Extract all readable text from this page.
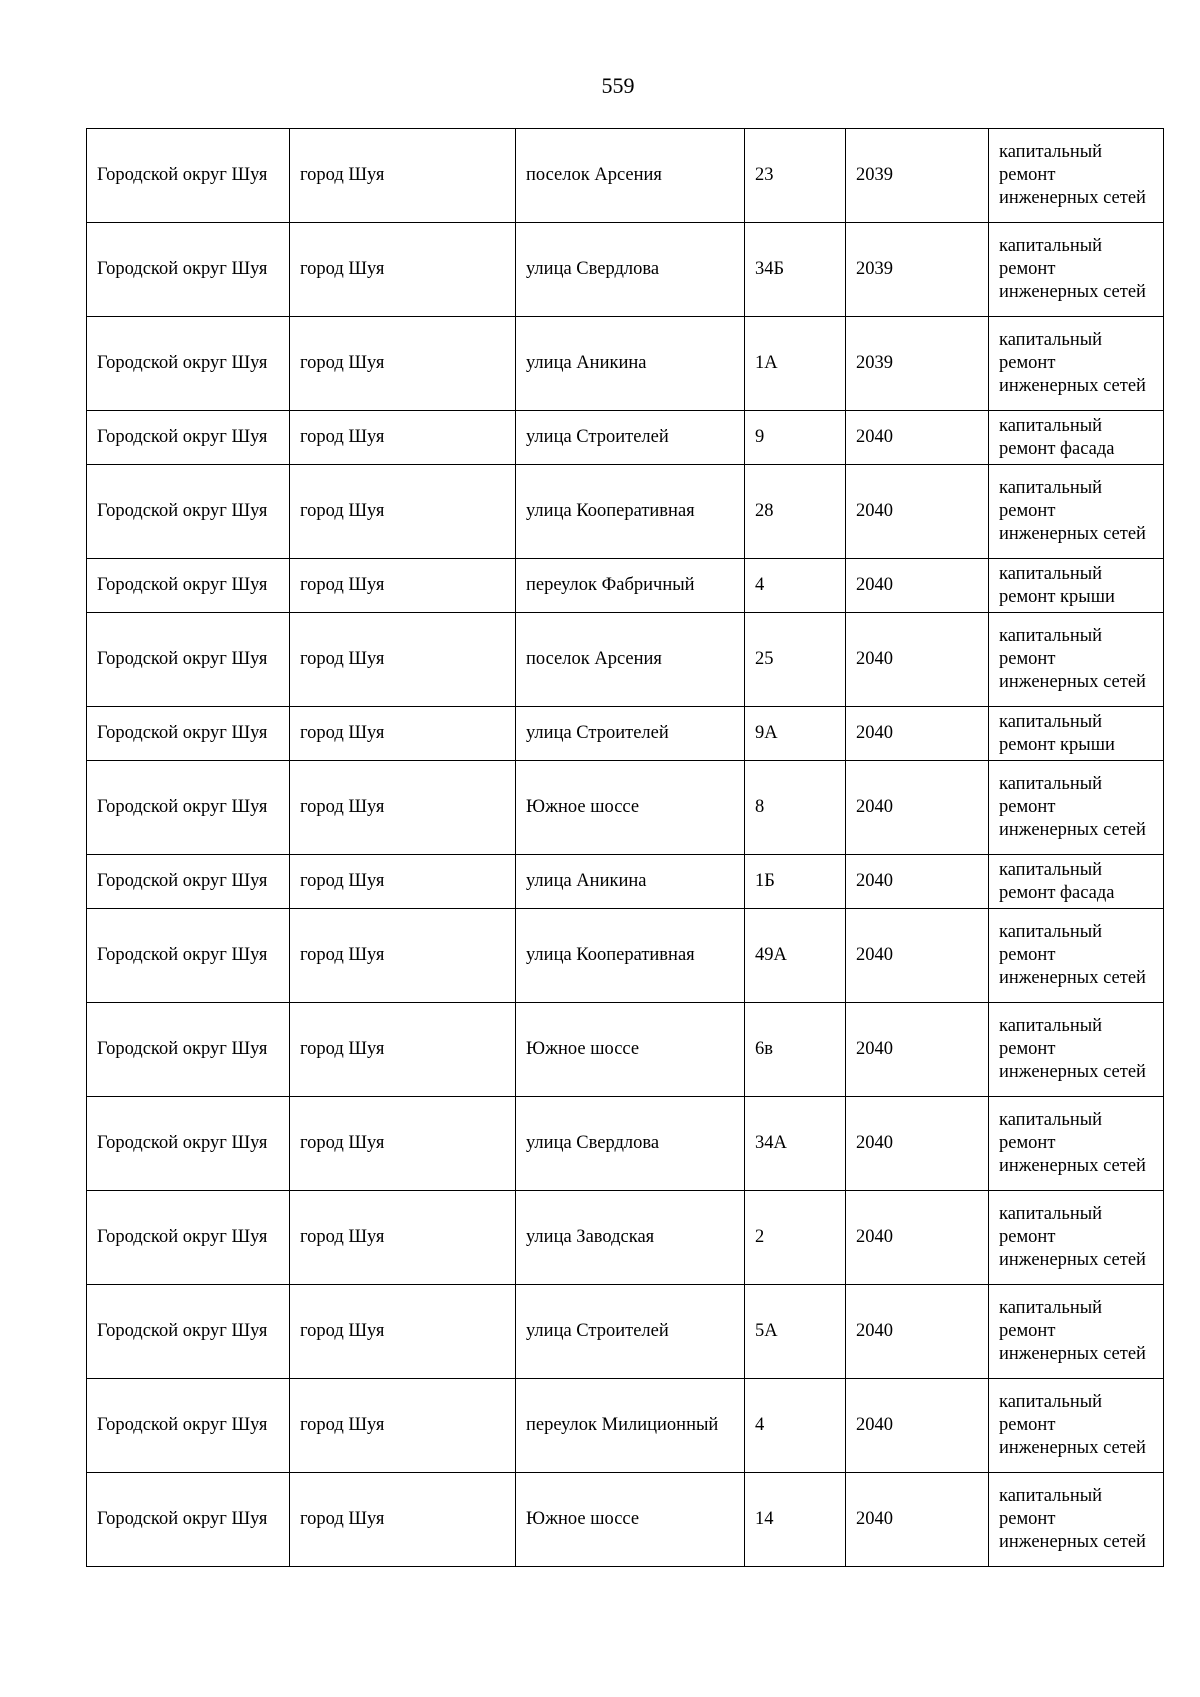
559
Городской округ Шуя	город Шуя	поселок Арсения	23	2039	капитальный ремонт инженерных сетей
Городской округ Шуя	город Шуя	улица Свердлова	34Б	2039	капитальный ремонт инженерных сетей
Городской округ Шуя	город Шуя	улица Аникина	1А	2039	капитальный ремонт инженерных сетей
Городской округ Шуя	город Шуя	улица Строителей	9	2040	капитальный ремонт фасада
Городской округ Шуя	город Шуя	улица Кооперативная	28	2040	капитальный ремонт инженерных сетей
Городской округ Шуя	город Шуя	переулок Фабричный	4	2040	капитальный ремонт крыши
Городской округ Шуя	город Шуя	поселок Арсения	25	2040	капитальный ремонт инженерных сетей
Городской округ Шуя	город Шуя	улица Строителей	9А	2040	капитальный ремонт крыши
Городской округ Шуя	город Шуя	Южное шоссе	8	2040	капитальный ремонт инженерных сетей
Городской округ Шуя	город Шуя	улица Аникина	1Б	2040	капитальный ремонт фасада
Городской округ Шуя	город Шуя	улица Кооперативная	49А	2040	капитальный ремонт инженерных сетей
Городской округ Шуя	город Шуя	Южное шоссе	6в	2040	капитальный ремонт инженерных сетей
Городской округ Шуя	город Шуя	улица Свердлова	34А	2040	капитальный ремонт инженерных сетей
Городской округ Шуя	город Шуя	улица Заводская	2	2040	капитальный ремонт инженерных сетей
Городской округ Шуя	город Шуя	улица Строителей	5А	2040	капитальный ремонт инженерных сетей
Городской округ Шуя	город Шуя	переулок Милиционный	4	2040	капитальный ремонт инженерных сетей
Городской округ Шуя	город Шуя	Южное шоссе	14	2040	капитальный ремонт инженерных сетей
